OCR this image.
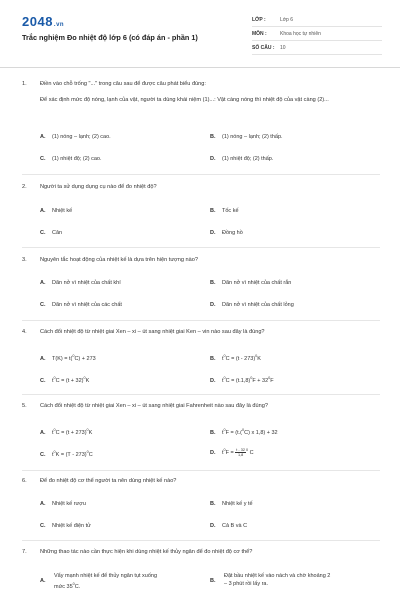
2048.vn
Trắc nghiệm Đo nhiệt độ lớp 6 (có đáp án - phần 1)
LỚP :	Lớp 6
MÔN :	Khoa học tự nhiên
SỐ CÂU :	10
1.	Điền vào chỗ trống "..." trong câu sau để được câu phát biểu đúng:
Để xác định mức độ nóng, lạnh của vật, người ta dùng khái niệm (1)...: Vật càng nóng thì nhiệt độ của vật càng (2)...
A. (1) nóng – lạnh; (2) cao.	B. (1) nóng – lạnh; (2) thấp.
C. (1) nhiệt độ; (2) cao.	D. (1) nhiệt độ; (2) thấp.
2.	Người ta sử dụng dụng cụ nào để đo nhiệt độ?
A. Nhiệt kế	B. Tốc kế
C. Cân	D. Đồng hồ
3.	Nguyên tắc hoạt động của nhiệt kế là dựa trên hiện tượng nào?
A. Dãn nở vì nhiệt của chất khí	B. Dãn nở vì nhiệt của chất rắn
C. Dãn nở vì nhiệt của các chất	D. Dãn nở vì nhiệt của chất lỏng
4.	Cách đổi nhiệt độ từ nhiệt giai Xen – xi – út sang nhiệt giai Ken – vin nào sau đây là đúng?
A. T(K) = t($^0$C) + 273	B. $t^0C = (t - 273)^0K$
C. $t^0C = (t + 32)^0K$	D. $t^0C = (t.1,8)^0F + 32^0F$
5.	Cách đổi nhiệt độ từ nhiệt giai Xen – xi – út sang nhiệt giai Fahrenheit nào sau đây là đúng?
A. $t^0C = (t + 273)^0K$	B. $t^0F = (t.(^0C)$ x 1,8) + 32
C. $t^0K = (T - 273)^0C$	D. $t^0F = \frac{t - 32}{1,8} ^0$ C
6.	Để đo nhiệt độ cơ thể người ta nên dùng nhiệt kế nào?
A. Nhiệt kế rượu	B. Nhiệt kế y tế
C. Nhiệt kế điện tử	D. Cả B và C
7.	Những thao tác nào cần thực hiện khi dùng nhiệt kế thủy ngân để đo nhiệt độ cơ thể?
A.
Vẩy mạnh nhiệt kế để thủy ngân tụt xuống
mức $35^0C$.
B.
Đặt bầu nhiệt kế vào nách và chờ khoảng 2
– 3 phút rồi lấy ra.
